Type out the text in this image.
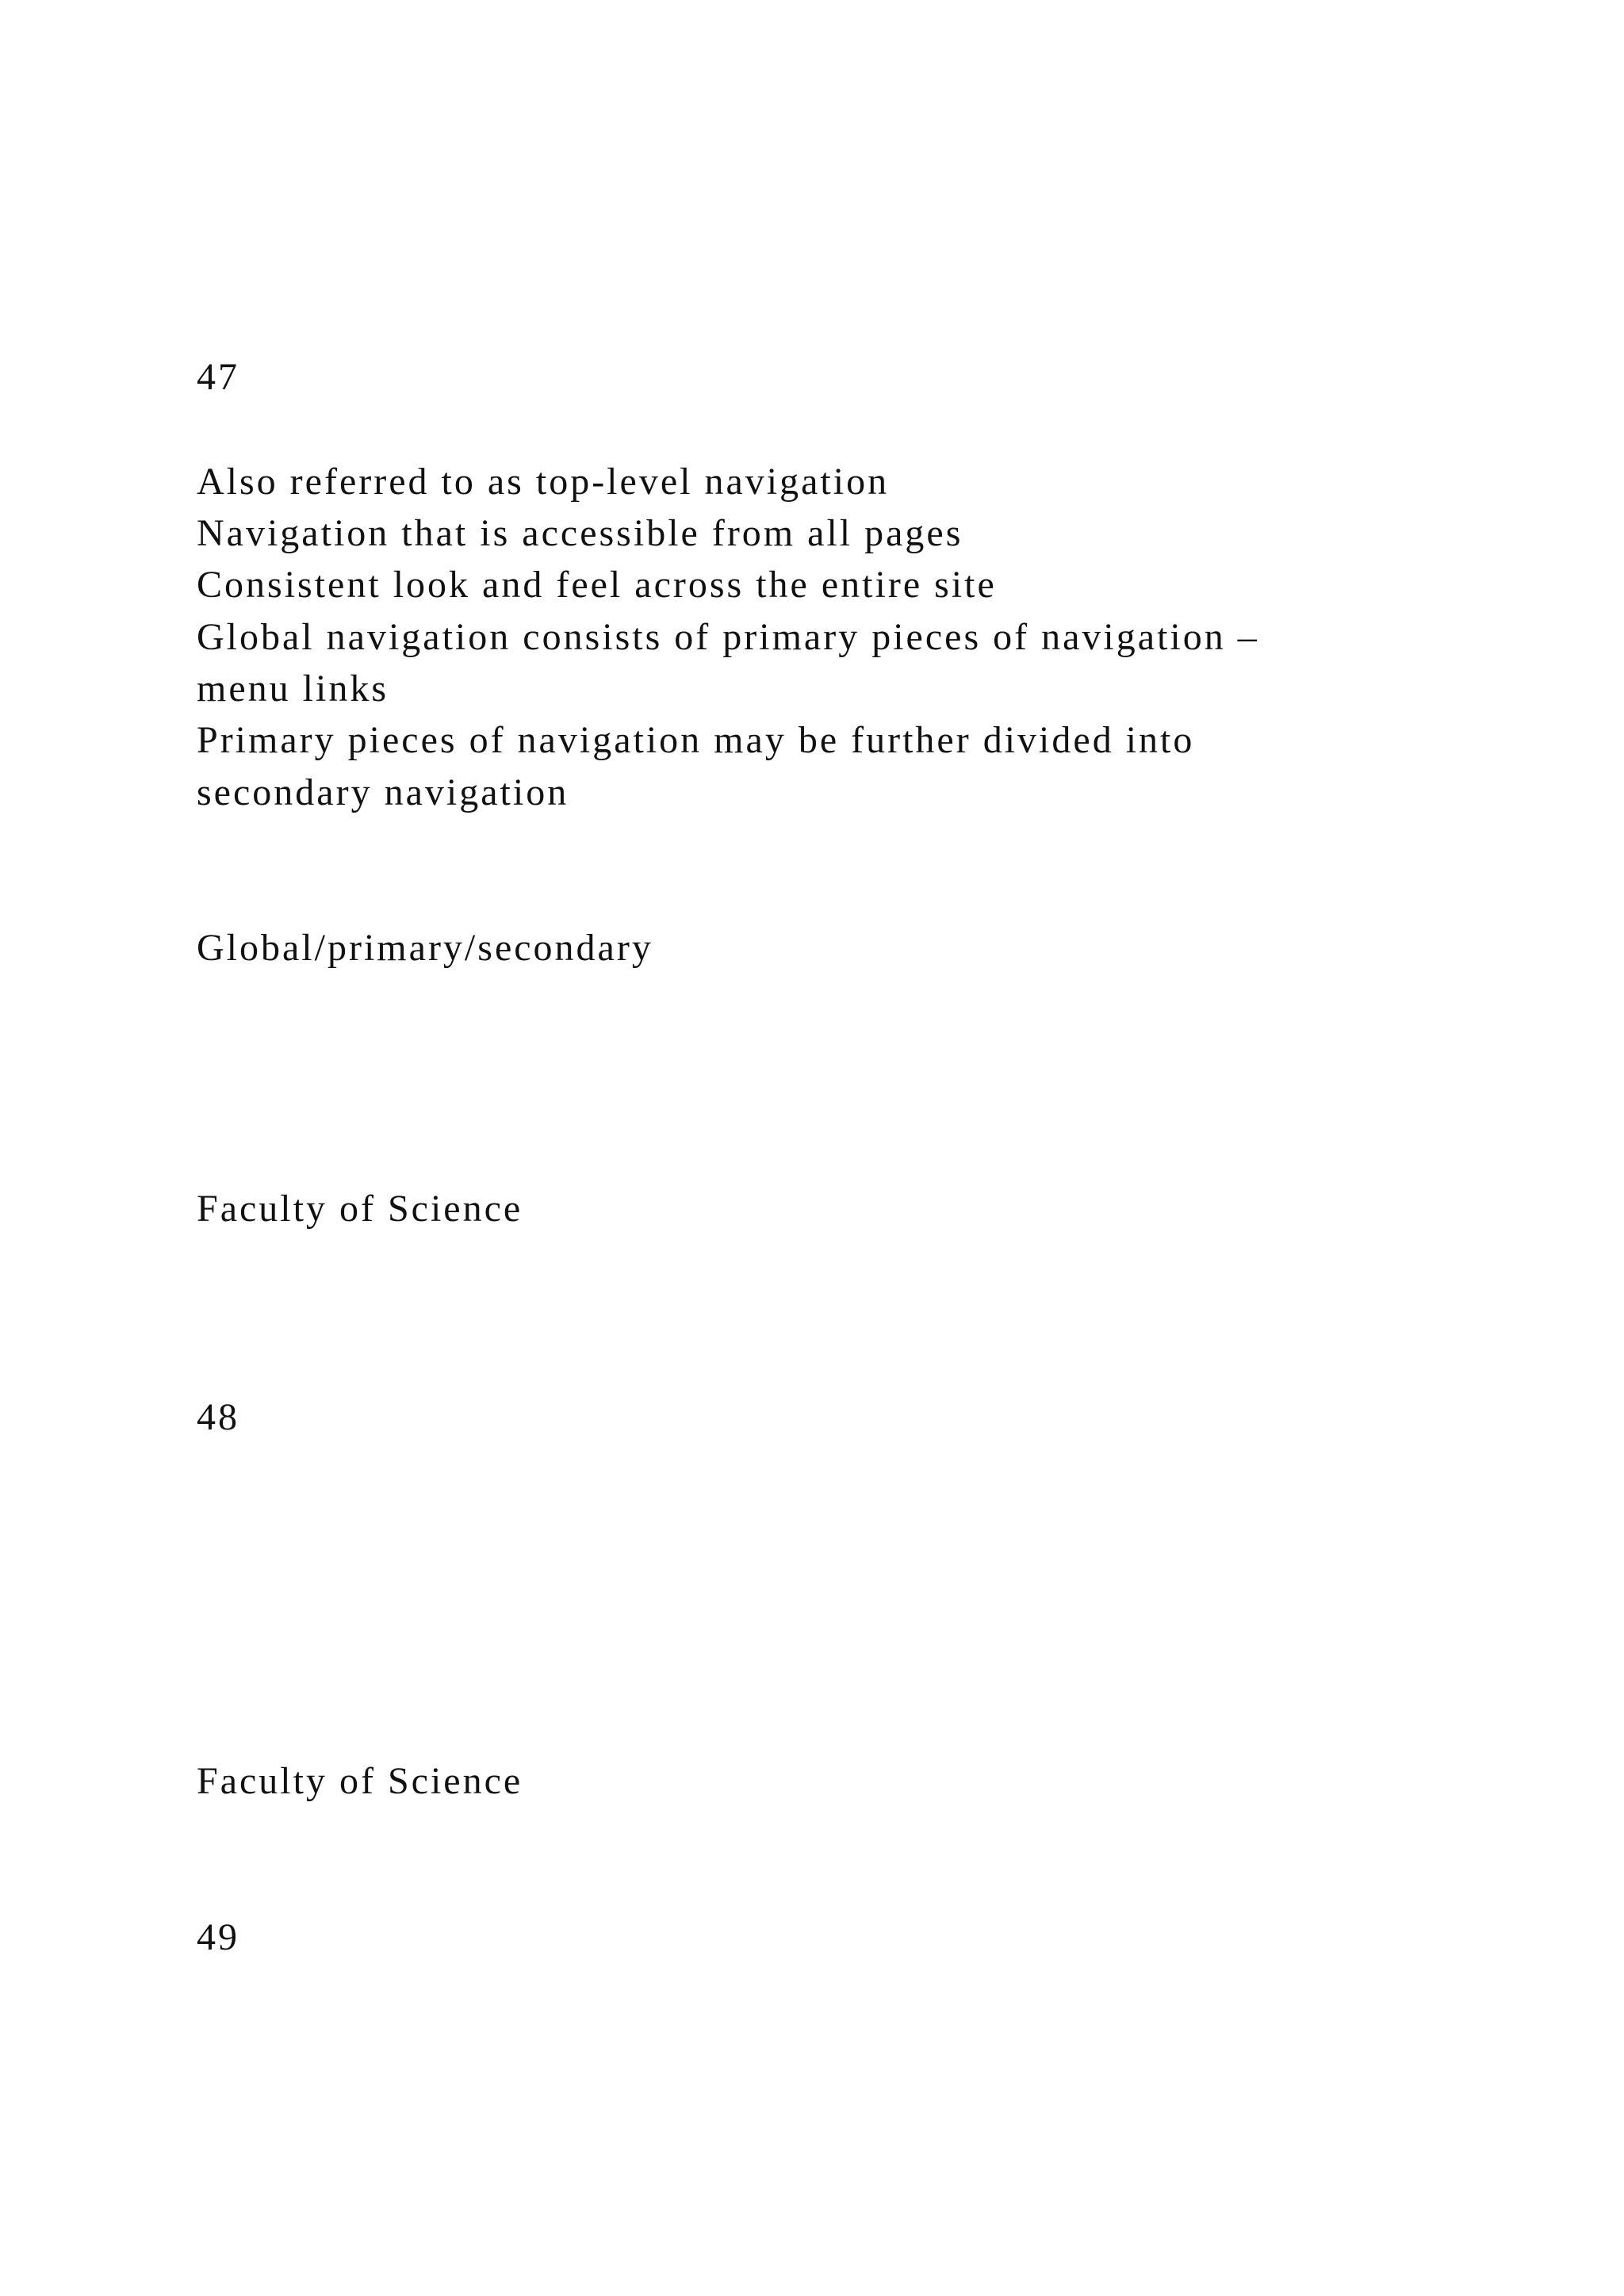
47
Also referred to as top-level navigation
Navigation that is accessible from all pages
Consistent look and feel across the entire site
Global navigation consists of primary pieces of navigation –
menu links
Primary pieces of navigation may be further divided into
secondary navigation
Global/primary/secondary
Faculty of Science
48
Faculty of Science
49
